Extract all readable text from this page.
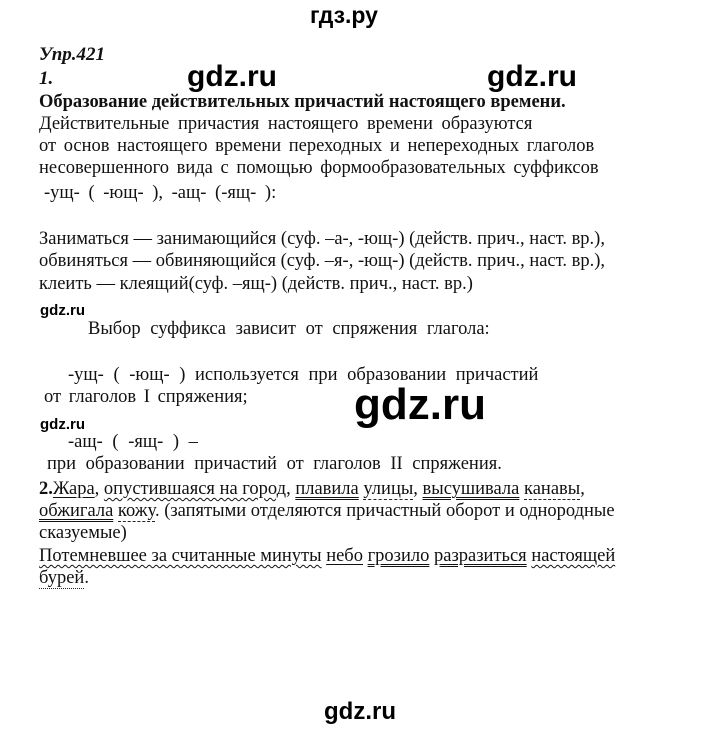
гдз.ру
gdz.ru	gdz.ru
gdz.ru
gdz.ru
gdz.ru
gdz.ru
Упр.421
1.
Образование действительных причастий настоящего времени.
Действительные причастия настоящего времени образуются
от основ настоящего времени переходных и непереходных глаголов
несовершенного вида с помощью формообразовательных суффиксов
-ущ- ( -ющ- ), -ащ- (-ящ- ):
Заниматься — занимающийся (суф. –а-, -ющ-) (действ. прич., наст. вр.),
обвиняться — обвиняющийся (суф. –я-, -ющ-) (действ. прич., наст. вр.),
клеить — клеящий(суф. –ящ-) (действ. прич., наст. вр.)
Выбор суффикса зависит от спряжения глагола:
-ущ- ( -ющ- ) используется при образовании причастий
от глаголов I спряжения;
-ащ- ( -ящ- ) –
при образовании причастий от глаголов II спряжения.
2.Жара, опустившаяся на город, плавила улицы, высушивала канавы,
обжигала кожу. (запятыми отделяются причастный оборот и однородные
сказуемые)
Потемневшее за считанные минуты небо грозило разразиться настоящей
бурей.
